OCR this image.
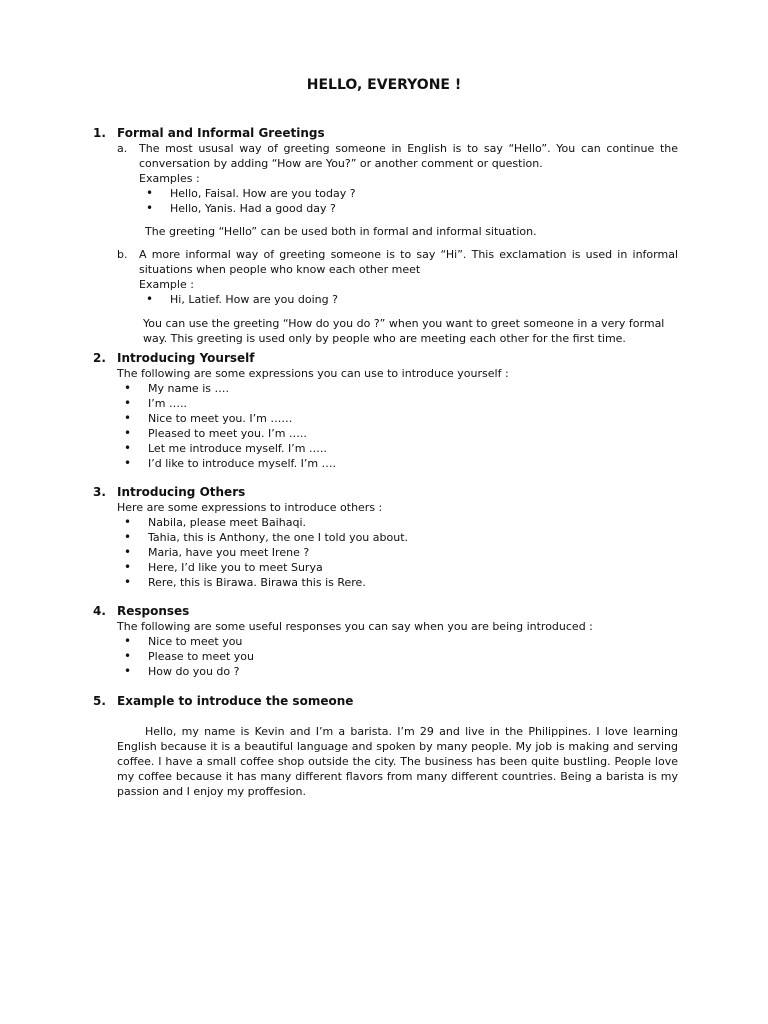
HELLO, EVERYONE !
1. Formal and Informal Greetings
a.	The most ususal way of greeting someone in English is to say “Hello”. You can continue the conversation by adding “How are You?” or another comment or question.
Examples :
• Hello, Faisal. How are you today ?
• Hello, Yanis. Had a good day ?
The greeting “Hello” can be used both in formal and informal situation.
b.	A more informal way of greeting someone is to say “Hi”. This exclamation is used in informal situations when people who know each other meet
Example :
• Hi, Latief. How are you doing ?
You can use the greeting “How do you do ?” when you want to greet someone in a very formal way. This greeting is used only by people who are meeting each other for the first time.
2. Introducing Yourself
The following are some expressions you can use to introduce yourself :
• My name is ….
• I’m …..
• Nice to meet you. I’m ……
• Pleased to meet you. I’m …..
• Let me introduce myself. I’m …..
• I’d like to introduce myself. I’m ….
3. Introducing Others
Here are some expressions to introduce others :
• Nabila, please meet Baihaqi.
• Tahia, this is Anthony, the one I told you about.
• Maria, have you meet Irene ?
• Here, I’d like you to meet Surya
• Rere, this is Birawa. Birawa this is Rere.
4. Responses
The following are some useful responses you can say when you are being introduced :
• Nice to meet you
• Please to meet you
• How do you do ?
5. Example to introduce the someone
Hello, my name is Kevin and I’m a barista. I’m 29 and live in the Philippines. I love learning English because it is a beautiful language and spoken by many people. My job is making and serving coffee. I have a small coffee shop outside the city. The business has been quite bustling. People love my coffee because it has many different flavors from many different countries. Being a barista is my passion and I enjoy my proffesion.
